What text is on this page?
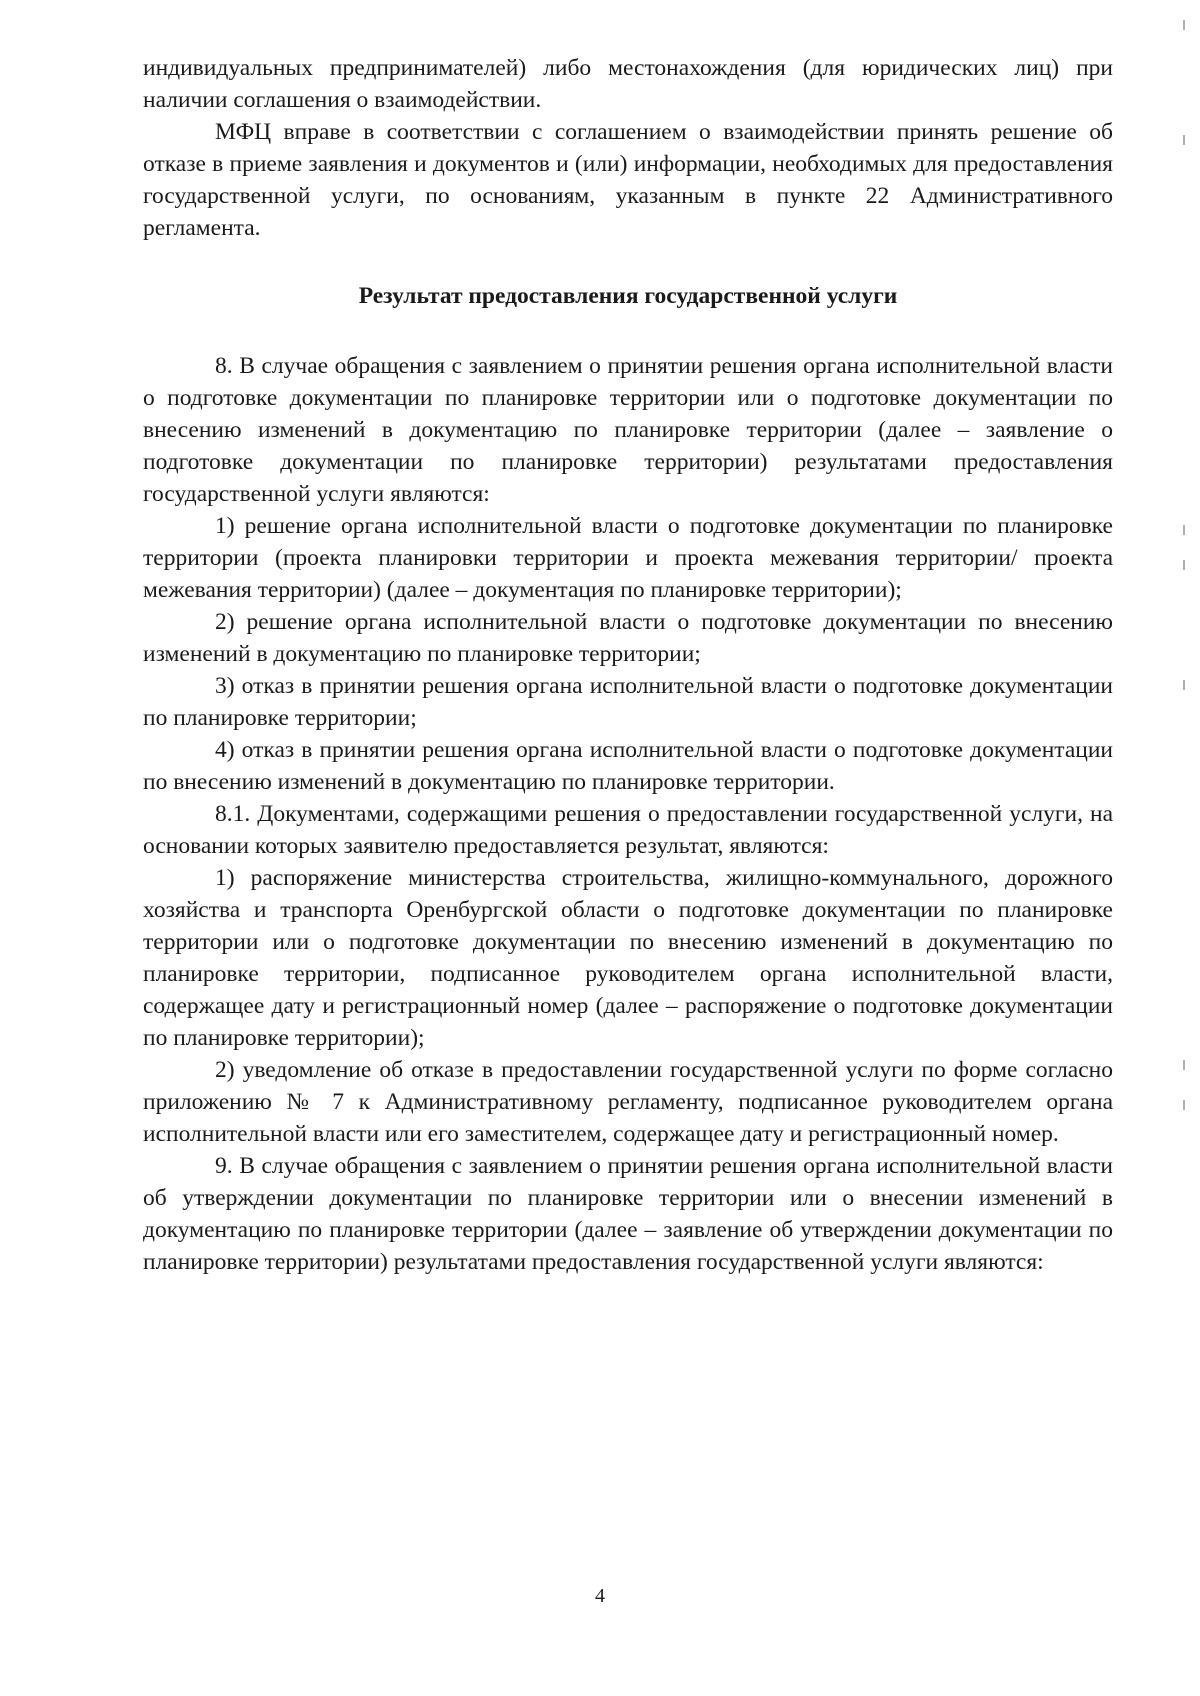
индивидуальных предпринимателей) либо местонахождения (для юридических лиц) при наличии соглашения о взаимодействии.

МФЦ вправе в соответствии с соглашением о взаимодействии принять решение об отказе в приеме заявления и документов и (или) информации, необходимых для предоставления государственной услуги, по основаниям, указанным в пункте 22 Административного регламента.

Результат предоставления государственной услуги

8. В случае обращения с заявлением о принятии решения органа исполнительной власти о подготовке документации по планировке территории или о подготовке документации по внесению изменений в документацию по планировке территории (далее – заявление о подготовке документации по планировке территории) результатами предоставления государственной услуги являются:

1) решение органа исполнительной власти о подготовке документации по планировке территории (проекта планировки территории и проекта межевания территории/ проекта межевания территории) (далее – документация по планировке территории);

2) решение органа исполнительной власти о подготовке документации по внесению изменений в документацию по планировке территории;

3) отказ в принятии решения органа исполнительной власти о подготовке документации по планировке территории;

4) отказ в принятии решения органа исполнительной власти о подготовке документации по внесению изменений в документацию по планировке территории.

8.1. Документами, содержащими решения о предоставлении государственной услуги, на основании которых заявителю предоставляется результат, являются:

1) распоряжение министерства строительства, жилищно-коммунального, дорожного хозяйства и транспорта Оренбургской области о подготовке документации по планировке территории или о подготовке документации по внесению изменений в документацию по планировке территории, подписанное руководителем органа исполнительной власти, содержащее дату и регистрационный номер (далее – распоряжение о подготовке документации по планировке территории);

2) уведомление об отказе в предоставлении государственной услуги по форме согласно приложению № 7 к Административному регламенту, подписанное руководителем органа исполнительной власти или его заместителем, содержащее дату и регистрационный номер.

9. В случае обращения с заявлением о принятии решения органа исполнительной власти об утверждении документации по планировке территории или о внесении изменений в документацию по планировке территории (далее – заявление об утверждении документации по планировке территории) результатами предоставления государственной услуги являются:

4
